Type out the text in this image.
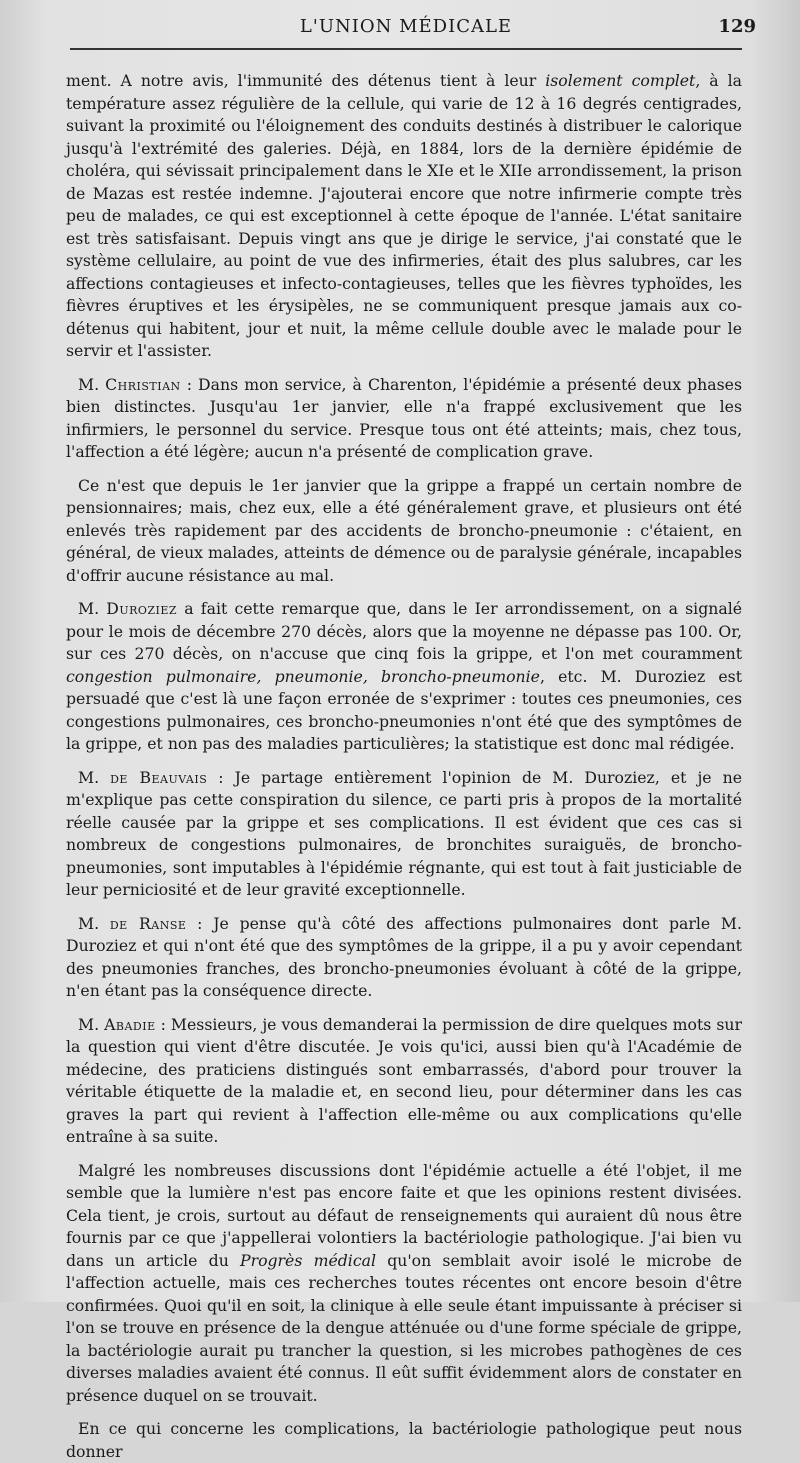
L'UNION MÉDICALE	129

ment. A notre avis, l'immunité des détenus tient à leur isolement complet, à la température assez régulière de la cellule, qui varie de 12 à 16 degrés centigrades, suivant la proximité ou l'éloignement des conduits destinés à distribuer le calorique jusqu'à l'extrémité des galeries. Déjà, en 1884, lors de la dernière épidémie de choléra, qui sévissait principalement dans le XIe et le XIIe arrondissement, la prison de Mazas est restée indemne. J'ajouterai encore que notre infirmerie compte très peu de malades, ce qui est exceptionnel à cette époque de l'année. L'état sanitaire est très satisfaisant. Depuis vingt ans que je dirige le service, j'ai constaté que le système cellulaire, au point de vue des infirmeries, était des plus salubres, car les affections contagieuses et infecto-contagieuses, telles que les fièvres typhoïdes, les fièvres éruptives et les érysipèles, ne se communiquent presque jamais aux co-détenus qui habitent, jour et nuit, la même cellule double avec le malade pour le servir et l'assister.

M. Christian : Dans mon service, à Charenton, l'épidémie a présenté deux phases bien distinctes. Jusqu'au 1er janvier, elle n'a frappé exclusivement que les infirmiers, le personnel du service. Presque tous ont été atteints; mais, chez tous, l'affection a été légère; aucun n'a présenté de complication grave.

Ce n'est que depuis le 1er janvier que la grippe a frappé un certain nombre de pensionnaires; mais, chez eux, elle a été généralement grave, et plusieurs ont été enlevés très rapidement par des accidents de broncho-pneumonie : c'étaient, en général, de vieux malades, atteints de démence ou de paralysie générale, incapables d'offrir aucune résistance au mal.

M. Duroziez a fait cette remarque que, dans le Ier arrondissement, on a signalé pour le mois de décembre 270 décès, alors que la moyenne ne dépasse pas 100. Or, sur ces 270 décès, on n'accuse que cinq fois la grippe, et l'on met couramment congestion pulmonaire, pneumonie, broncho-pneumonie, etc. M. Duroziez est persuadé que c'est là une façon erronée de s'exprimer : toutes ces pneumonies, ces congestions pulmonaires, ces broncho-pneumonies n'ont été que des symptômes de la grippe, et non pas des maladies particulières; la statistique est donc mal rédigée.

M. de Beauvais : Je partage entièrement l'opinion de M. Duroziez, et je ne m'explique pas cette conspiration du silence, ce parti pris à propos de la mortalité réelle causée par la grippe et ses complications. Il est évident que ces cas si nombreux de congestions pulmonaires, de bronchites suraiguës, de broncho-pneumonies, sont imputables à l'épidémie régnante, qui est tout à fait justiciable de leur perniciosité et de leur gravité exceptionnelle.

M. de Ranse : Je pense qu'à côté des affections pulmonaires dont parle M. Duroziez et qui n'ont été que des symptômes de la grippe, il a pu y avoir cependant des pneumonies franches, des broncho-pneumonies évoluant à côté de la grippe, n'en étant pas la conséquence directe.

M. Abadie : Messieurs, je vous demanderai la permission de dire quelques mots sur la question qui vient d'être discutée. Je vois qu'ici, aussi bien qu'à l'Académie de médecine, des praticiens distingués sont embarrassés, d'abord pour trouver la véritable étiquette de la maladie et, en second lieu, pour déterminer dans les cas graves la part qui revient à l'affection elle-même ou aux complications qu'elle entraîne à sa suite.

Malgré les nombreuses discussions dont l'épidémie actuelle a été l'objet, il me semble que la lumière n'est pas encore faite et que les opinions restent divisées. Cela tient, je crois, surtout au défaut de renseignements qui auraient dû nous être fournis par ce que j'appellerai volontiers la bactériologie pathologique. J'ai bien vu dans un article du Progrès médical qu'on semblait avoir isolé le microbe de l'affection actuelle, mais ces recherches toutes récentes ont encore besoin d'être confirmées. Quoi qu'il en soit, la clinique à elle seule étant impuissante à préciser si l'on se trouve en présence de la dengue atténuée ou d'une forme spéciale de grippe, la bactériologie aurait pu trancher la question, si les microbes pathogènes de ces diverses maladies avaient été connus. Il eût suffit évidemment alors de constater en présence duquel on se trouvait.

En ce qui concerne les complications, la bactériologie pathologique peut nous donner
